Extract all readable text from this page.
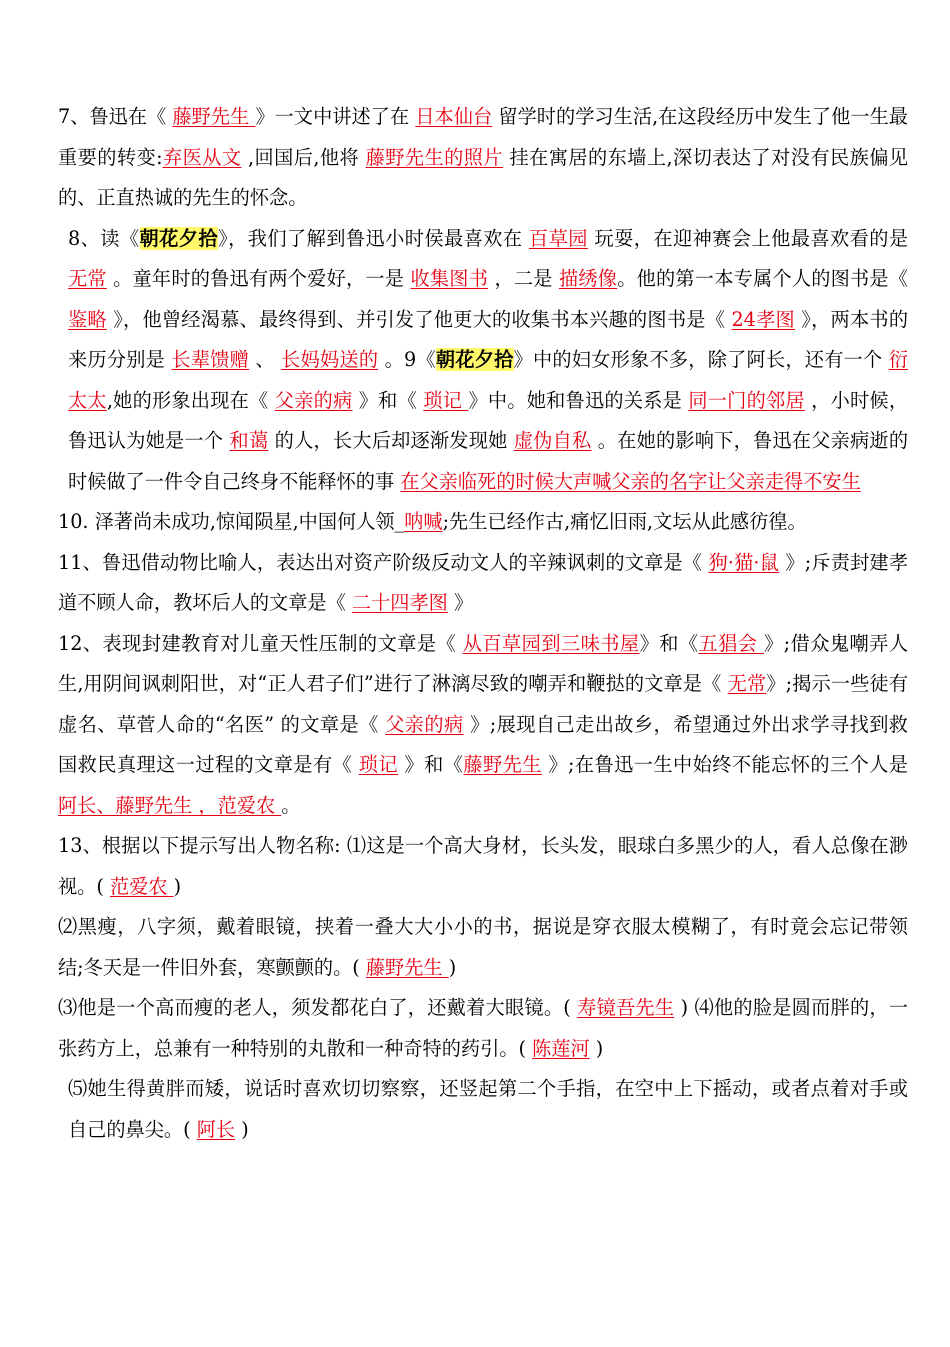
7、鲁迅在《 藤野先生 》一文中讲述了在 日本仙台 留学时的学习生活,在这段经历中发生了他一生最重要的转变:弃医从文 ,回国后,他将 藤野先生的照片 挂在寓居的东墙上,深切表达了对没有民族偏见的、正直热诚的先生的怀念。

8、读《朝花夕拾》，我们了解到鲁迅小时侯最喜欢在 百草园 玩耍，在迎神赛会上他最喜欢看的是 无常 。童年时的鲁迅有两个爱好，一是 收集图书 ，二是 描绣像。他的第一本专属个人的图书是《 鉴略 》，他曾经渴慕、最终得到、并引发了他更大的收集书本兴趣的图书是《 24孝图 》，两本书的来历分别是 长辈馈赠 、 长妈妈送的 。9《朝花夕拾》中的妇女形象不多，除了阿长，还有一个 衍太太,她的形象出现在《 父亲的病 》和《 琐记 》中。她和鲁迅的关系是 同一门的邻居 ，小时候，鲁迅认为她是一个 和蔼 的人，长大后却逐渐发现她 虚伪自私 。在她的影响下，鲁迅在父亲病逝的时候做了一件令自己终身不能释怀的事 在父亲临死的时候大声喊父亲的名字让父亲走得不安生

10. 泽著尚未成功,惊闻陨星,中国何人领_呐喊;先生已经作古,痛忆旧雨,文坛从此感彷徨。

11、鲁迅借动物比喻人，表达出对资产阶级反动文人的辛辣讽刺的文章是《 狗·猫·鼠 》;斥责封建孝道不顾人命，教坏后人的文章是《 二十四孝图 》

12、表现封建教育对儿童天性压制的文章是《 从百草园到三味书屋》和《五猖会 》;借众鬼嘲弄人生,用阴间讽刺阳世，对“正人君子们”进行了淋漓尽致的嘲弄和鞭挞的文章是《 无常》;揭示一些徒有虚名、草菅人命的“名医” 的文章是《 父亲的病 》;展现自己走出故乡，希望通过外出求学寻找到救国救民真理这一过程的文章是有《 琐记 》和《藤野先生 》;在鲁迅一生中始终不能忘怀的三个人是 阿长、藤野先生 ，范爱农 。

13、根据以下提示写出人物名称: ⑴这是一个高大身材，长头发，眼球白多黑少的人，看人总像在渺视。( 范爱农 )

⑵黑瘦，八字须，戴着眼镜，挟着一叠大大小小的书，据说是穿衣服太模糊了，有时竟会忘记带领结;冬天是一件旧外套，寒颤颤的。( 藤野先生 )

⑶他是一个高而瘦的老人，须发都花白了，还戴着大眼镜。( 寿镜吾先生 ) ⑷他的脸是圆而胖的，一张药方上，总兼有一种特别的丸散和一种奇特的药引。( 陈莲河 )

⑸她生得黄胖而矮，说话时喜欢切切察察，还竖起第二个手指，在空中上下摇动，或者点着对手或自己的鼻尖。( 阿长 )
